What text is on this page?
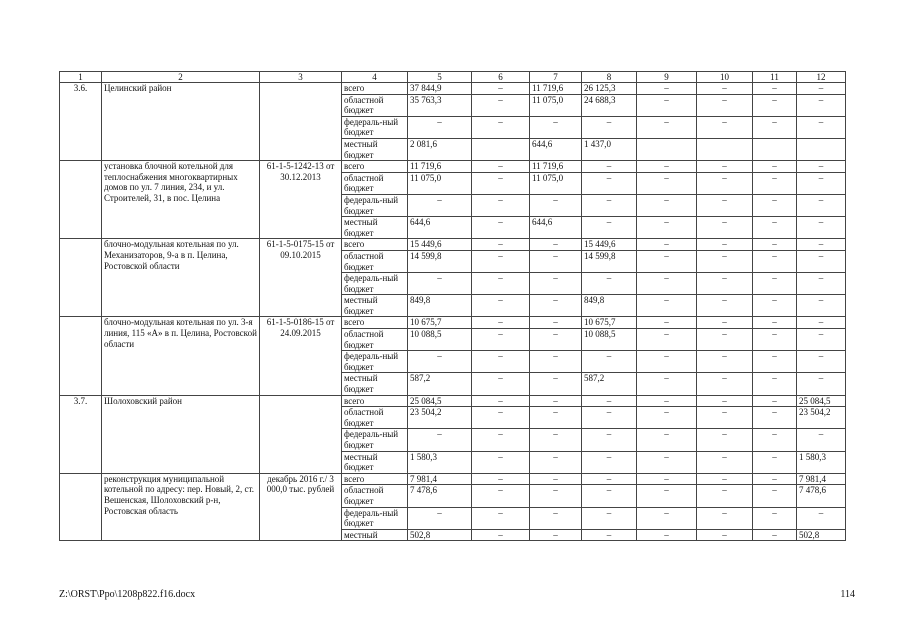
1	2	3	4	5	6	7	8	9	10	11	12
3.6.	Целинский район		всего	37 844,9	–	11 719,6	26 125,3	–	–	–	–
			областной бюджет	35 763,3	–	11 075,0	24 688,3	–	–	–	–
			федераль-ный бюджет	–	–	–	–	–	–	–	–
			местный бюджет	2 081,6		644,6	1 437,0				
	установка блочной котельной для теплоснабжения многоквартирных домов по ул. 7 линия, 234, и ул. Строителей, 31, в пос. Целина	61-1-5-1242-13 от 30.12.2013	всего	11 719,6	–	11 719,6	–	–	–	–	–
			областной бюджет	11 075,0	–	11 075,0	–	–	–	–	–
			федераль-ный бюджет	–	–	–	–	–	–	–	–
			местный бюджет	644,6	–	644,6	–	–	–	–	–
	блочно-модульная котельная по ул. Механизаторов, 9-а в п. Целина, Ростовской области	61-1-5-0175-15 от 09.10.2015	всего	15 449,6	–	–	15 449,6	–	–	–	–
			областной бюджет	14 599,8	–	–	14 599,8	–	–	–	–
			федераль-ный бюджет	–	–	–	–	–	–	–	–
			местный бюджет	849,8	–	–	849,8	–	–	–	–
	блочно-модульная котельная по ул. 3-я линия, 115 «А» в п. Целина, Ростовской области	61-1-5-0186-15 от 24.09.2015	всего	10 675,7	–	–	10 675,7	–	–	–	–
			областной бюджет	10 088,5	–	–	10 088,5	–	–	–	–
			федераль-ный бюджет	–	–	–	–	–	–	–	–
			местный бюджет	587,2	–	–	587,2	–	–	–	–
3.7.	Шолоховский район		всего	25 084,5	–	–	–	–	–	–	25 084,5
			областной бюджет	23 504,2	–	–	–	–	–	–	23 504,2
			федераль-ный бюджет	–	–	–	–	–	–	–	–
			местный бюджет	1 580,3	–	–	–	–	–	–	1 580,3
	реконструкция муниципальной котельной по адресу: пер. Новый, 2, ст. Вешенская, Шолоховский р-н, Ростовская область	декабрь 2016 г./ 3 000,0 тыс. рублей	всего	7 981,4	–	–	–	–	–	–	7 981,4
			областной бюджет	7 478,6	–	–	–	–	–	–	7 478,6
			федераль-ный бюджет	–	–	–	–	–	–	–	–
			местный	502,8	–	–	–	–	–	–	502,8
Z:\ORST\Ppo\1208p822.f16.docx	114
